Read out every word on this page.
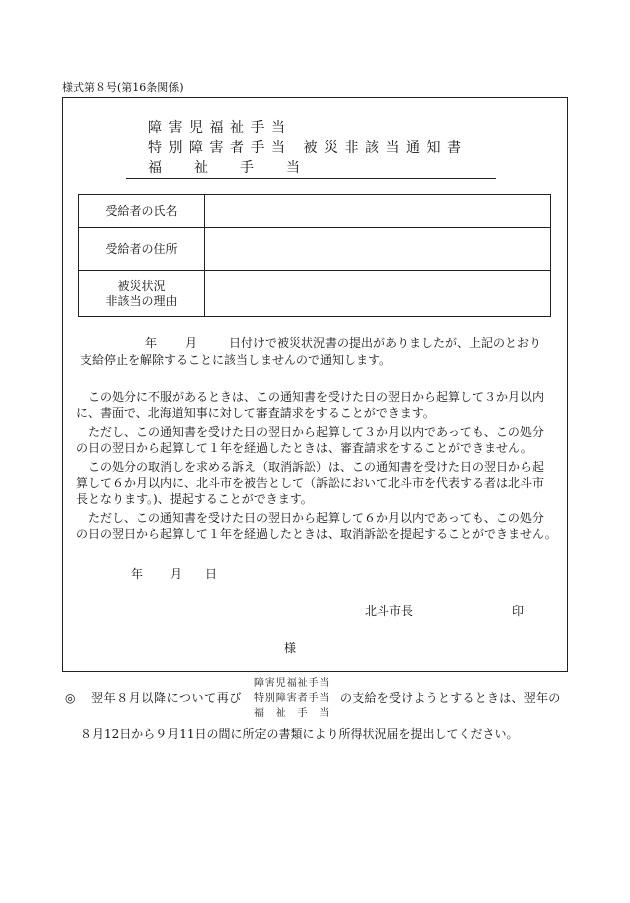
様式第８号(第16条関係)
障害児福祉手当
特別障害者手当 被災非該当通知書
福　祉　手　当
受給者の氏名
受給者の住所
被災状況
非該当の理由
年 月	日付けで被災状況書の提出がありましたが、上記のとおり
支給停止を解除することに該当しませんので通知します。
この処分に不服があるときは、この通知書を受けた日の翌日から起算して３か月以内
に、書面で、北海道知事に対して審査請求をすることができます。
ただし、この通知書を受けた日の翌日から起算して３か月以内であっても、この処分
の日の翌日から起算して１年を経過したときは、審査請求をすることができません。
この処分の取消しを求める訴え（取消訴訟）は、この通知書を受けた日の翌日から起
算して６か月以内に、北斗市を被告として（訴訟において北斗市を代表する者は北斗市
長となります。)、提起することができます。
ただし、この通知書を受けた日の翌日から起算して６か月以内であっても、この処分
の日の翌日から起算して１年を経過したときは、取消訴訟を提起することができません。
年 月 日
北斗市長	印
様
障害児福祉手当
◎ 翌年８月以降について再び 特別障害者手当 の支給を受けようとするときは、翌年の
福　祉　手　当
８月12日から９月11日の間に所定の書類により所得状況届を提出してください。
